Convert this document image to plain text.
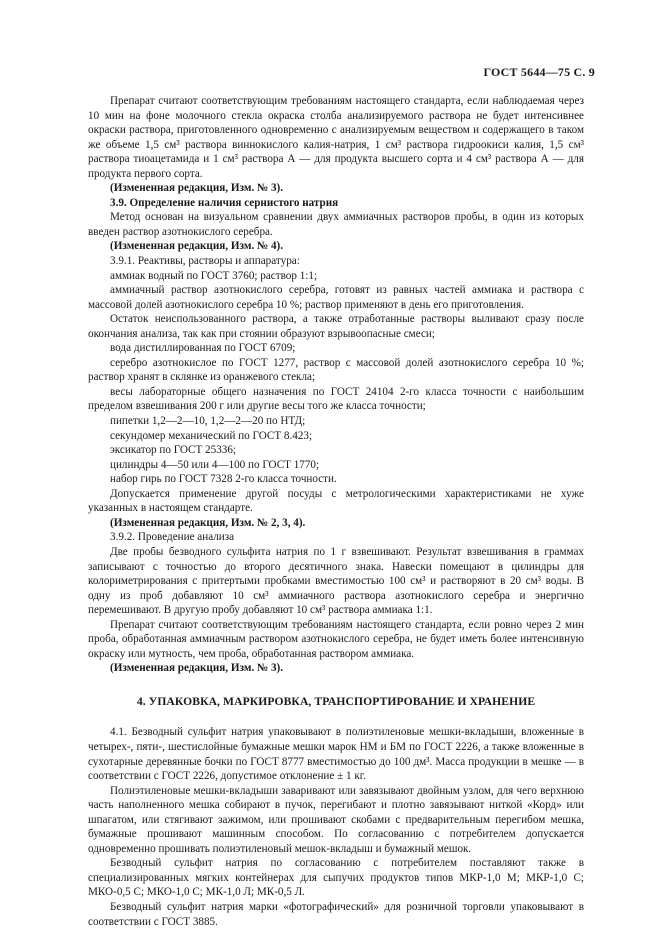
ГОСТ 5644—75 С. 9

Препарат считают соответствующим требованиям настоящего стандарта, если наблюдаемая через 10 мин на фоне молочного стекла окраска столба анализируемого раствора не будет интенсивнее окраски раствора, приготовленного одновременно с анализируемым веществом и содержащего в таком же объеме 1,5 см³ раствора виннокислого калия-натрия, 1 см³ раствора гидроокиси калия, 1,5 см³ раствора тиоацетамида и 1 см³ раствора А — для продукта высшего сорта и 4 см³ раствора А — для продукта первого сорта.

(Измененная редакция, Изм. № 3).

3.9. Определение наличия сернистого натрия

Метод основан на визуальном сравнении двух аммиачных растворов пробы, в один из которых введен раствор азотнокислого серебра.

(Измененная редакция, Изм. № 4).

3.9.1. Реактивы, растворы и аппаратура:

аммиак водный по ГОСТ 3760; раствор 1:1;

аммиачный раствор азотнокислого серебра, готовят из равных частей аммиака и раствора с массовой долей азотнокислого серебра 10 %; раствор применяют в день его приготовления.

Остаток неиспользованного раствора, а также отработанные растворы выливают сразу после окончания анализа, так как при стоянии образуют взрывоопасные смеси;

вода дистиллированная по ГОСТ 6709;

серебро азотнокислое по ГОСТ 1277, раствор с массовой долей азотнокислого серебра 10 %; раствор хранят в склянке из оранжевого стекла;

весы лабораторные общего назначения по ГОСТ 24104 2-го класса точности с наибольшим пределом взвешивания 200 г или другие весы того же класса точности;

пипетки 1,2—2—10, 1,2—2—20 по НТД;

секундомер механический по ГОСТ 8.423;

эксикатор по ГОСТ 25336;

цилиндры 4—50 или 4—100 по ГОСТ 1770;

набор гирь по ГОСТ 7328 2-го класса точности.

Допускается применение другой посуды с метрологическими характеристиками не хуже указанных в настоящем стандарте.

(Измененная редакция, Изм. № 2, 3, 4).

3.9.2. Проведение анализа

Две пробы безводного сульфита натрия по 1 г взвешивают. Результат взвешивания в граммах записывают с точностью до второго десятичного знака. Навески помещают в цилиндры для колориметрирования с притертыми пробками вместимостью 100 см³ и растворяют в 20 см³ воды. В одну из проб добавляют 10 см³ аммиачного раствора азотнокислого серебра и энергично перемешивают. В другую пробу добавляют 10 см³ раствора аммиака 1:1.

Препарат считают соответствующим требованиям настоящего стандарта, если ровно через 2 мин проба, обработанная аммиачным раствором азотнокислого серебра, не будет иметь более интенсивную окраску или мутность, чем проба, обработанная раствором аммиака.

(Измененная редакция, Изм. № 3).

4. УПАКОВКА, МАРКИРОВКА, ТРАНСПОРТИРОВАНИЕ И ХРАНЕНИЕ

4.1. Безводный сульфит натрия упаковывают в полиэтиленовые мешки-вкладыши, вложенные в четырех-, пяти-, шестислойные бумажные мешки марок НМ и БМ по ГОСТ 2226, а также вложенные в сухотарные деревянные бочки по ГОСТ 8777 вместимостью до 100 дм³. Масса продукции в мешке — в соответствии с ГОСТ 2226, допустимое отклонение ± 1 кг.

Полиэтиленовые мешки-вкладыши заваривают или завязывают двойным узлом, для чего верхнюю часть наполненного мешка собирают в пучок, перегибают и плотно завязывают ниткой «Корд» или шпагатом, или стягивают зажимом, или прошивают скобами с предварительным перегибом мешка, бумажные прошивают машинным способом. По согласованию с потребителем допускается одновременно прошивать полиэтиленовый мешок-вкладыш и бумажный мешок.

Безводный сульфит натрия по согласованию с потребителем поставляют также в специализированных мягких контейнерах для сыпучих продуктов типов МКР-1,0 М; МКР-1,0 С; МКО-0,5 С; МКО-1,0 С; МК-1,0 Л; МК-0,5 Л.

Безводный сульфит натрия марки «фотографический» для розничной торговли упаковывают в соответствии с ГОСТ 3885.
